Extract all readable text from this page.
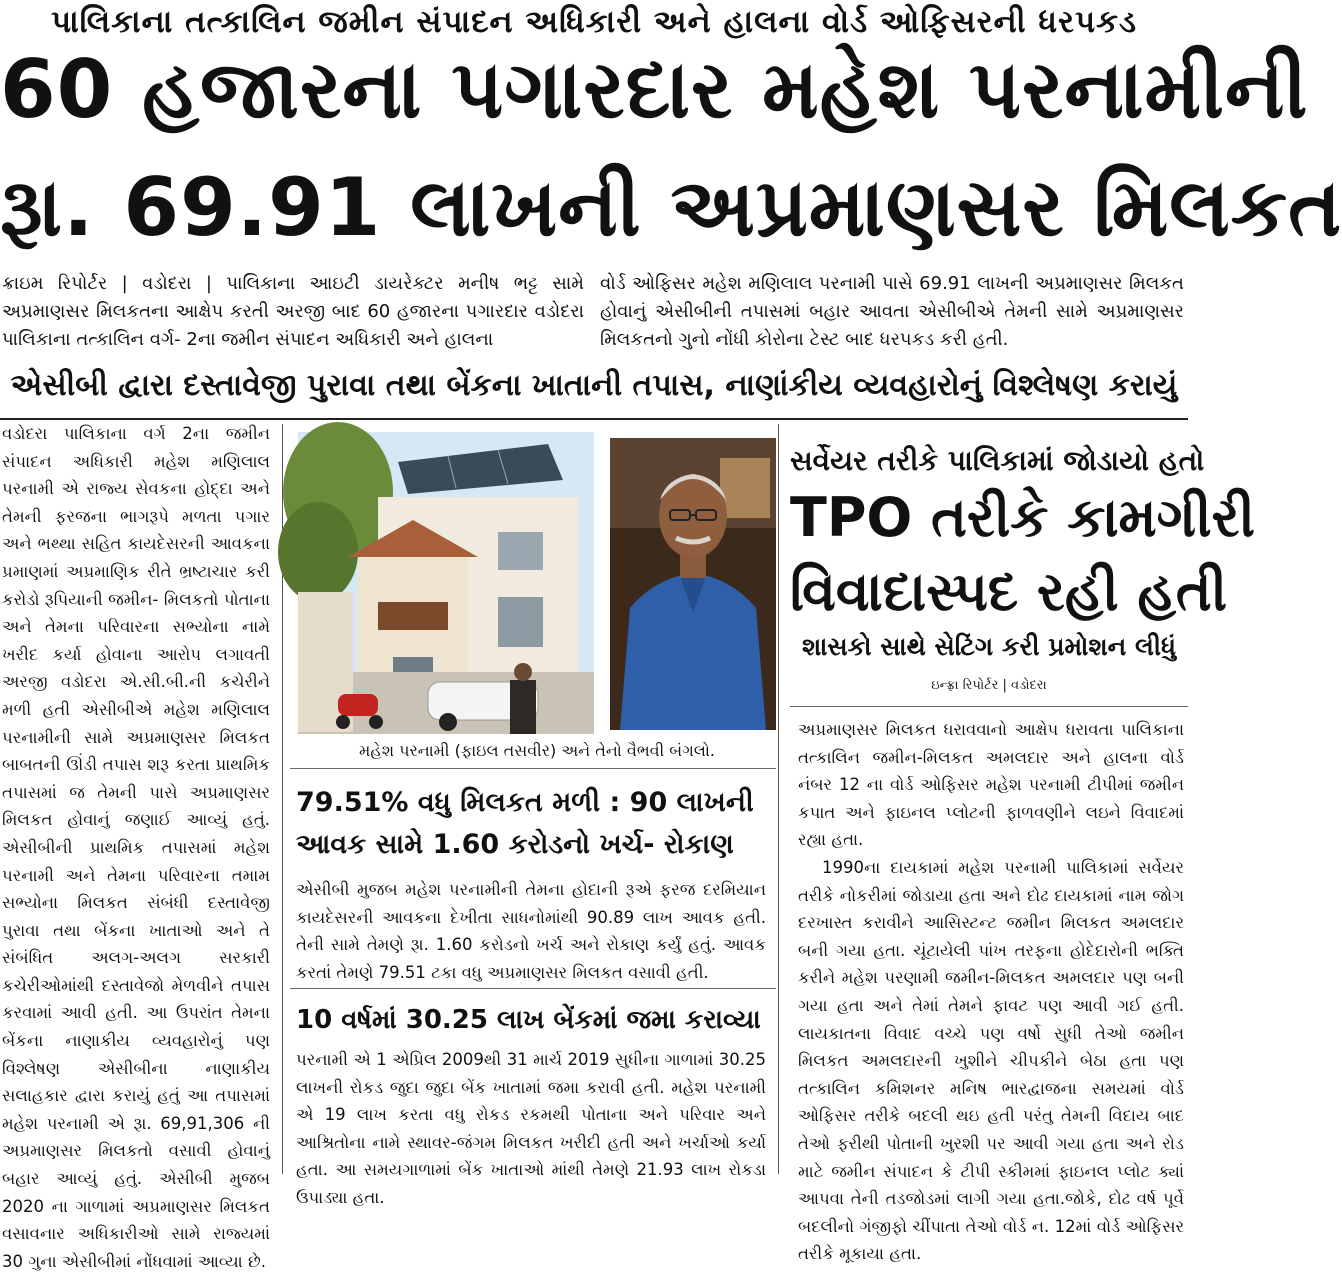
પાલિકાના તત્કાલિન જમીન સંપાદન અધિકારી અને હાલના વોર્ડ ઓફિસરની ધરપકડ
60 હજારના પગારદાર મહેશ પરનામીની
રૂા. 69.91 લાખની અપ્રમાણસર મિલકત

ક્રાઇમ રિપોર્ટર | વડોદરા | પાલિકાના આઇટી ડાયરેક્ટર મનીષ ભટ્ટ સામે અપ્રમાણસર મિલકતના આક્ષેપ કરતી અરજી બાદ 60 હજારના પગારદાર વડોદરા પાલિકાના તત્કાલિન વર્ગ- 2ના જમીન સંપાદન અધિકારી અને હાલના

વોર્ડ ઓફિસર મહેશ મણિલાલ પરનામી પાસે 69.91 લાખની અપ્રમાણસર મિલકત હોવાનું એસીબીની તપાસમાં બહાર આવતા એસીબીએ તેમની સામે અપ્રમાણસર મિલકતનો ગુનો નોંધી કોરોના ટેસ્ટ બાદ ધરપકડ કરી હતી.

એસીબી દ્વારા દસ્તાવેજી પુરાવા તથા બેંકના ખાતાની તપાસ, નાણાંકીય વ્યવહારોનું વિશ્લેષણ કરાયું

વડોદરા પાલિકાના વર્ગ 2ના જમીન સંપાદન અધિકારી મહેશ મણિલાલ પરનામી એ રાજ્ય સેવકના હોદ્દા અને તેમની ફરજના ભાગરૂપે મળતા પગાર અને ભથ્થા સહિત કાયદેસરની આવકના પ્રમાણમાં અપ્રમાણિક રીતે ભ્રષ્ટાચાર કરી કરોડો રૂપિયાની જમીન- મિલકતો પોતાના અને તેમના પરિવારના સભ્યોના નામે ખરીદ કર્યા હોવાના આરોપ લગાવતી અરજી વડોદરા એ.સી.બી.ની કચેરીને મળી હતી એસીબીએ મહેશ મણિલાલ પરનામીની સામે અપ્રમાણસર મિલકત બાબતની ઊંડી તપાસ શરૂ કરતા પ્રાથમિક તપાસમાં જ તેમની પાસે અપ્રમાણસર મિલકત હોવાનું જણાઈ આવ્યું હતું. એસીબીની પ્રાથમિક તપાસમાં મહેશ પરનામી અને તેમના પરિવારના તમામ સભ્યોના મિલકત સંબંધી દસ્તાવેજી પુરાવા તથા બેંકના ખાતાઓ અને તે સંબંધિત અલગ-અલગ સરકારી કચેરીઓમાંથી દસ્તાવેજો મેળવીને તપાસ કરવામાં આવી હતી. આ ઉપરાંત તેમના બેંકના નાણાકીય વ્યવહારોનું પણ વિશ્લેષણ એસીબીના નાણાકીય સલાહકાર દ્વારા કરાયું હતું આ તપાસમાં મહેશ પરનામી એ રૂા. 69,91,306 ની અપ્રમાણસર મિલકતો વસાવી હોવાનું બહાર આવ્યું હતું. એસીબી મુજબ 2020 ના ગાળામાં અપ્રમાણસર મિલકત વસાવનાર અધિકારીઓ સામે રાજ્યમાં 30 ગુના એસીબીમાં નોંધવામાં આવ્યા છે.

મહેશ પરનામી (ફાઇલ તસવીર) અને તેનો વૈભવી બંગલો.
79.51% વધુ મિલકત મળી : 90 લાખની આવક સામે 1.60 કરોડનો ખર્ચ- રોકાણ
એસીબી મુજબ મહેશ પરનામીની તેમના હોદાની રૂએ ફરજ દરમિયાન કાયદેસરની આવકના દેખીતા સાધનોમાંથી 90.89 લાખ આવક હતી. તેની સામે તેમણે રૂા. 1.60 કરોડનો ખર્ચ અને રોકાણ કર્યું હતું. આવક કરતાં તેમણે 79.51 ટકા વધુ અપ્રમાણસર મિલકત વસાવી હતી.
10 વર્ષમાં 30.25 લાખ બેંકમાં જમા કરાવ્યા
પરનામી એ 1 એપ્રિલ 2009થી 31 માર્ચ 2019 સુધીના ગાળામાં 30.25 લાખની રોકડ જુદા જુદા બેંક ખાતામાં જમા કરાવી હતી. મહેશ પરનામી એ 19 લાખ કરતા વધુ રોકડ રકમથી પોતાના અને પરિવાર અને આશ્રિતોના નામે સ્થાવર-જંગમ મિલકત ખરીદી હતી અને ખર્ચાઓ કર્યા હતા. આ સમયગાળામાં બેંક ખાતાઓ માંથી તેમણે 21.93 લાખ રોકડા ઉપાડ્યા હતા.
સર્વેયર તરીકે પાલિકામાં જોડાયો હતો
TPO તરીકે કામગીરી
વિવાદાસ્પદ રહી હતી
શાસકો સાથે સેટિંગ કરી પ્રમોશન લીધું
ઇન્ફ્રા રિપોર્ટર | વડોદરા

અપ્રમાણસર મિલકત ધરાવવાનો આક્ષેપ ધરાવતા પાલિકાના તત્કાલિન જમીન-મિલકત અમલદાર અને હાલના વોર્ડ નંબર 12 ના વોર્ડ ઓફિસર મહેશ પરનામી ટીપીમાં જમીન કપાત અને ફાઇનલ પ્લોટની ફાળવણીને લઇને વિવાદમાં રહ્યા હતા.

1990ના દાયકામાં મહેશ પરનામી પાલિકામાં સર્વેયર તરીકે નોકરીમાં જોડાયા હતા અને દોઢ દાયકામાં નામ જોગ દરખાસ્ત કરાવીને આસિસ્ટન્ટ જમીન મિલકત અમલદાર બની ગયા હતા. ચૂંટાયેલી પાંખ તરફના હોદેદારોની ભક્તિ કરીને મહેશ પરણામી જમીન-મિલકત અમલદાર પણ બની ગયા હતા અને તેમાં તેમને ફાવટ પણ આવી ગઈ હતી. લાયકાતના વિવાદ વચ્ચે પણ વર્ષો સુધી તેઓ જમીન મિલકત અમલદારની ખુશીને ચીપકીને બેઠા હતા પણ તત્કાલિન કમિશનર મનિષ ભારદ્વાજના સમયમાં વોર્ડ ઓફિસર તરીકે બદલી થઇ હતી પરંતુ તેમની વિદાય બાદ તેઓ ફરીથી પોતાની ખુરશી પર આવી ગયા હતા અને રોડ માટે જમીન સંપાદન કે ટીપી સ્કીમમાં ફાઇનલ પ્લોટ ક્યાં આપવા તેની તડજોડમાં લાગી ગયા હતા.જોકે, દોઢ વર્ષ પૂર્વે બદલીનો ગંજીફો ચીંપાતા તેઓ વોર્ડ ન. 12માં વોર્ડ ઓફિસર તરીકે મૂકાયા હતા.
